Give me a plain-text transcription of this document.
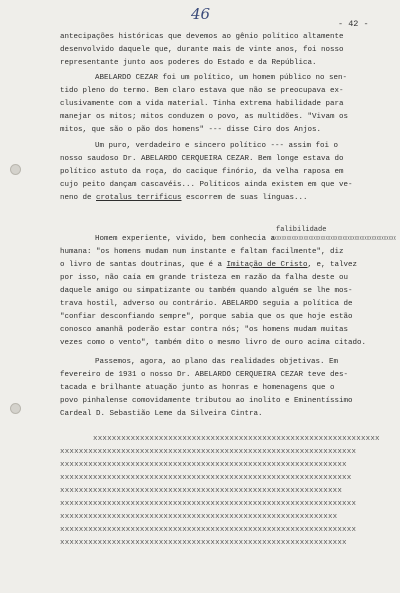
46
- 42 -
antecipações históricas que devemos ao gênio político altamente
desenvolvido daquele que, durante mais de vinte anos, foi nosso
representante junto aos poderes do Estado e da República.
ABELARDO CEZAR foi um político, um homem público no sen-
tido pleno do termo. Bem claro estava que não se preocupava ex-
clusivamente com a vida material. Tinha extrema habilidade para
manejar os mitos; mitos conduzem o povo, as multidões. "Vivam os
mitos, que são o pão dos homens" --- disse Ciro dos Anjos.
Um puro, verdadeiro e sincero político --- assim foi o
nosso saudoso Dr. ABELARDO CERQUEIRA CEZAR. Bem longe estava do
político astuto da roça, do cacique finório, da velha raposa em
cujo peito dançam cascavéis... Políticos ainda existem em que ve-
neno de crotalus terrificus escorrem de suas línguas...
falibilidade
Homem experiente, vivido, bem conhecia a
xxxxxxxxxxxxxxxxxxxxxxxxxxxxxxxxxxxxxxxxxxxxxxxxxxx
humana: "os homens mudam num instante e faltam facilmente", diz
o livro de santas doutrinas, que é a Imitação de Cristo, e, talvez
por isso, não caía em grande tristeza em razão da falha deste ou
daquele amigo ou simpatizante ou também quando alguém se lhe mos-
trava hostil, adverso ou contrário. ABELARDO seguia a política de
"confiar desconfiando sempre", porque sabia que os que hoje estão
conosco amanhã poderão estar contra nós; "os homens mudam muitas
vezes como o vento", também dito o mesmo livro de ouro acima citado.
Passemos, agora, ao plano das realidades objetivas. Em
fevereiro de 1931 o nosso Dr. ABELARDO CERQUEIRA CEZAR teve des-
tacada e brilhante atuação junto as honras e homenagens que o
povo pinhalense comovidamente tributou ao inolito e Eminentíssimo
Cardeal D. Sebastião Leme da Silveira Cintra.
xxxxxxxxxxxxxxxxxxxxxxxxxxxxxxxxxxxxxxxxxxxxxxxxxxxxxxxxxxxxx
xxxxxxxxxxxxxxxxxxxxxxxxxxxxxxxxxxxxxxxxxxxxxxxxxxxxxxxxxxxxxxx
xxxxxxxxxxxxxxxxxxxxxxxxxxxxxxxxxxxxxxxxxxxxxxxxxxxxxxxxxxxxx
xxxxxxxxxxxxxxxxxxxxxxxxxxxxxxxxxxxxxxxxxxxxxxxxxxxxxxxxxxxxxx
xxxxxxxxxxxxxxxxxxxxxxxxxxxxxxxxxxxxxxxxxxxxxxxxxxxxxxxxxxxx
xxxxxxxxxxxxxxxxxxxxxxxxxxxxxxxxxxxxxxxxxxxxxxxxxxxxxxxxxxxxxxx
xxxxxxxxxxxxxxxxxxxxxxxxxxxxxxxxxxxxxxxxxxxxxxxxxxxxxxxxxxx
xxxxxxxxxxxxxxxxxxxxxxxxxxxxxxxxxxxxxxxxxxxxxxxxxxxxxxxxxxxxxxx
xxxxxxxxxxxxxxxxxxxxxxxxxxxxxxxxxxxxxxxxxxxxxxxxxxxxxxxxxxxxx
